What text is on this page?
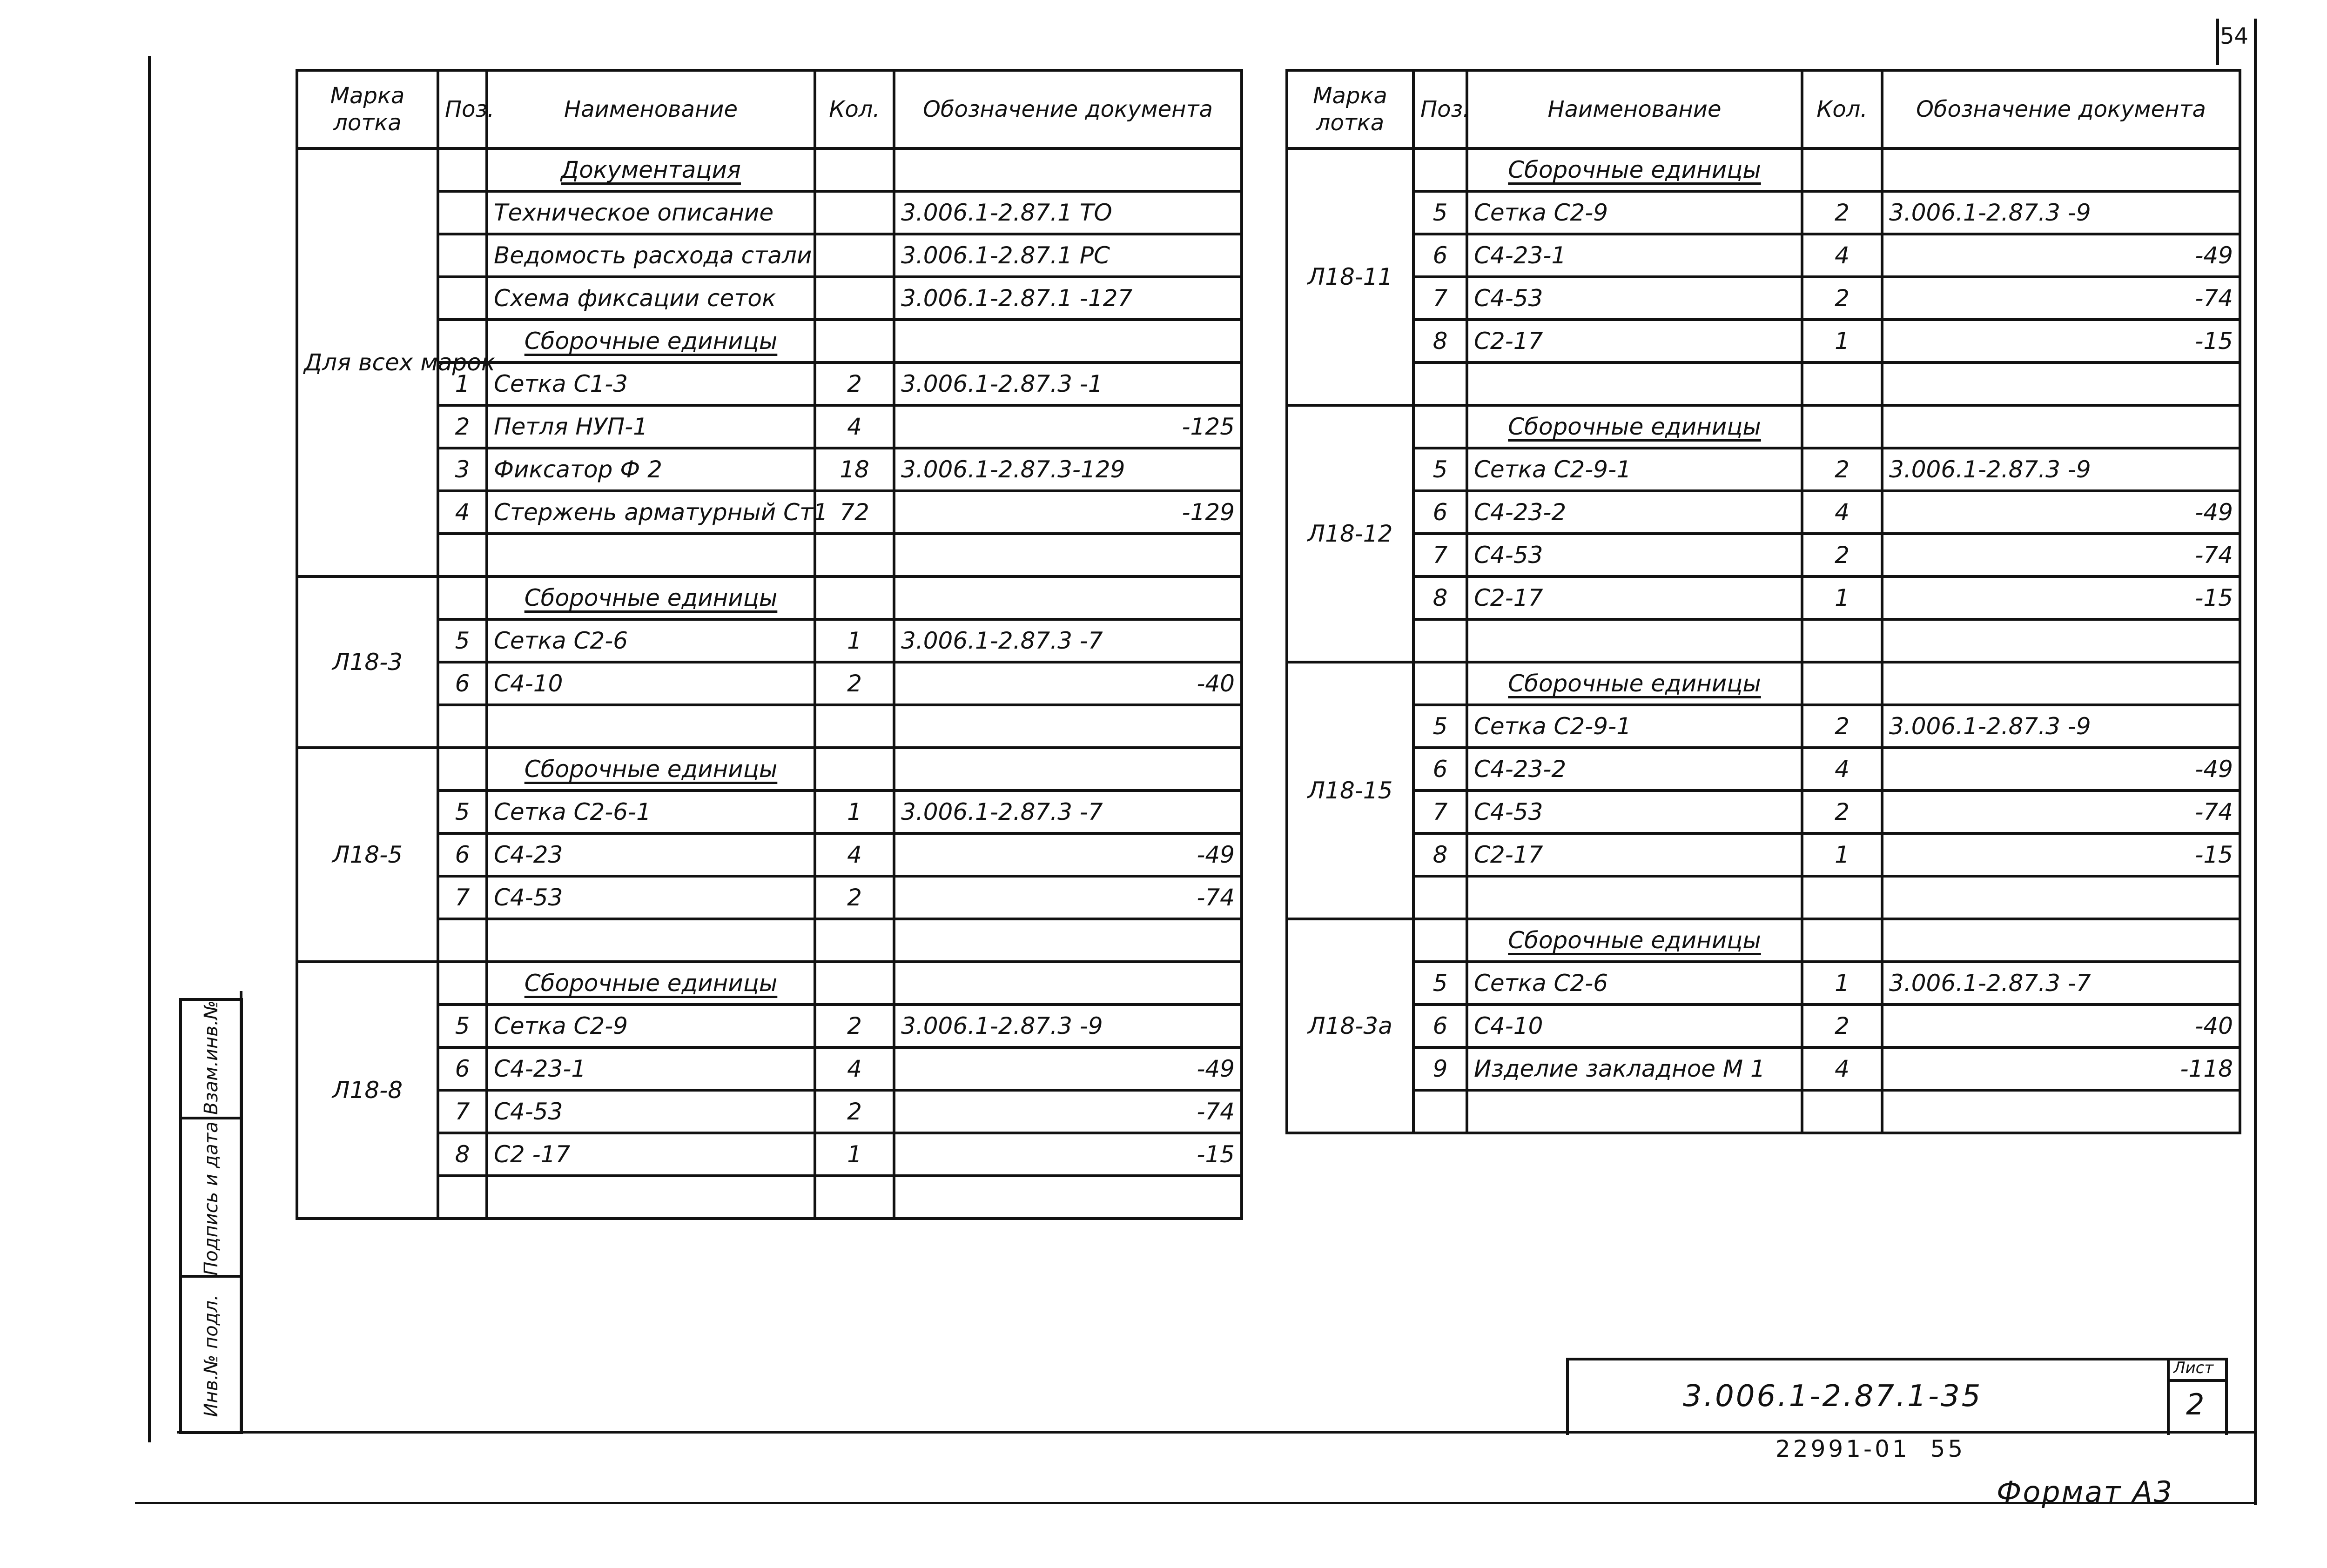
54
Марка лотка	Поз.	Наименование	Кол.	Обозначение документа
Для всех марок		Документация		
		Техническое описание		3.006.1-2.87.1 ТО
		Ведомость расхода стали		3.006.1-2.87.1 РС
		Схема фиксации сеток		3.006.1-2.87.1 -127
		Сборочные единицы		
	1	Сетка С1-3	2	3.006.1-2.87.3 -1
	2	Петля НУП-1	4	-125
	3	Фиксатор Ф 2	18	3.006.1-2.87.3-129
	4	Стержень арматурный Ст1	72	-129

Л18-3		Сборочные единицы		
	5	Сетка С2-6	1	3.006.1-2.87.3 -7
	6	С4-10	2	-40

Л18-5		Сборочные единицы		
	5	Сетка С2-6-1	1	3.006.1-2.87.3 -7
	6	С4-23	4	-49
	7	С4-53	2	-74

Л18-8		Сборочные единицы		
	5	Сетка С2-9	2	3.006.1-2.87.3 -9
	6	С4-23-1	4	-49
	7	С4-53	2	-74
	8	С2 -17	1	-15

Марка лотка	Поз.	Наименование	Кол.	Обозначение документа
Л18-11		Сборочные единицы		
	5	Сетка С2-9	2	3.006.1-2.87.3 -9
	6	С4-23-1	4	-49
	7	С4-53	2	-74
	8	С2-17	1	-15

Л18-12		Сборочные единицы		
	5	Сетка С2-9-1	2	3.006.1-2.87.3 -9
	6	С4-23-2	4	-49
	7	С4-53	2	-74
	8	С2-17	1	-15

Л18-15		Сборочные единицы		
	5	Сетка С2-9-1	2	3.006.1-2.87.3 -9
	6	С4-23-2	4	-49
	7	С4-53	2	-74
	8	С2-17	1	-15

Л18-3а		Сборочные единицы		
	5	Сетка С2-6	1	3.006.1-2.87.3 -7
	6	С4-10	2	-40
	9	Изделие закладное М 1	4	-118

Взам.инв.№
Подпись и дата
Инв.№ подл.	3.006.1-2.87.1-35
Лист
2
22991-01  55
Формат А3
